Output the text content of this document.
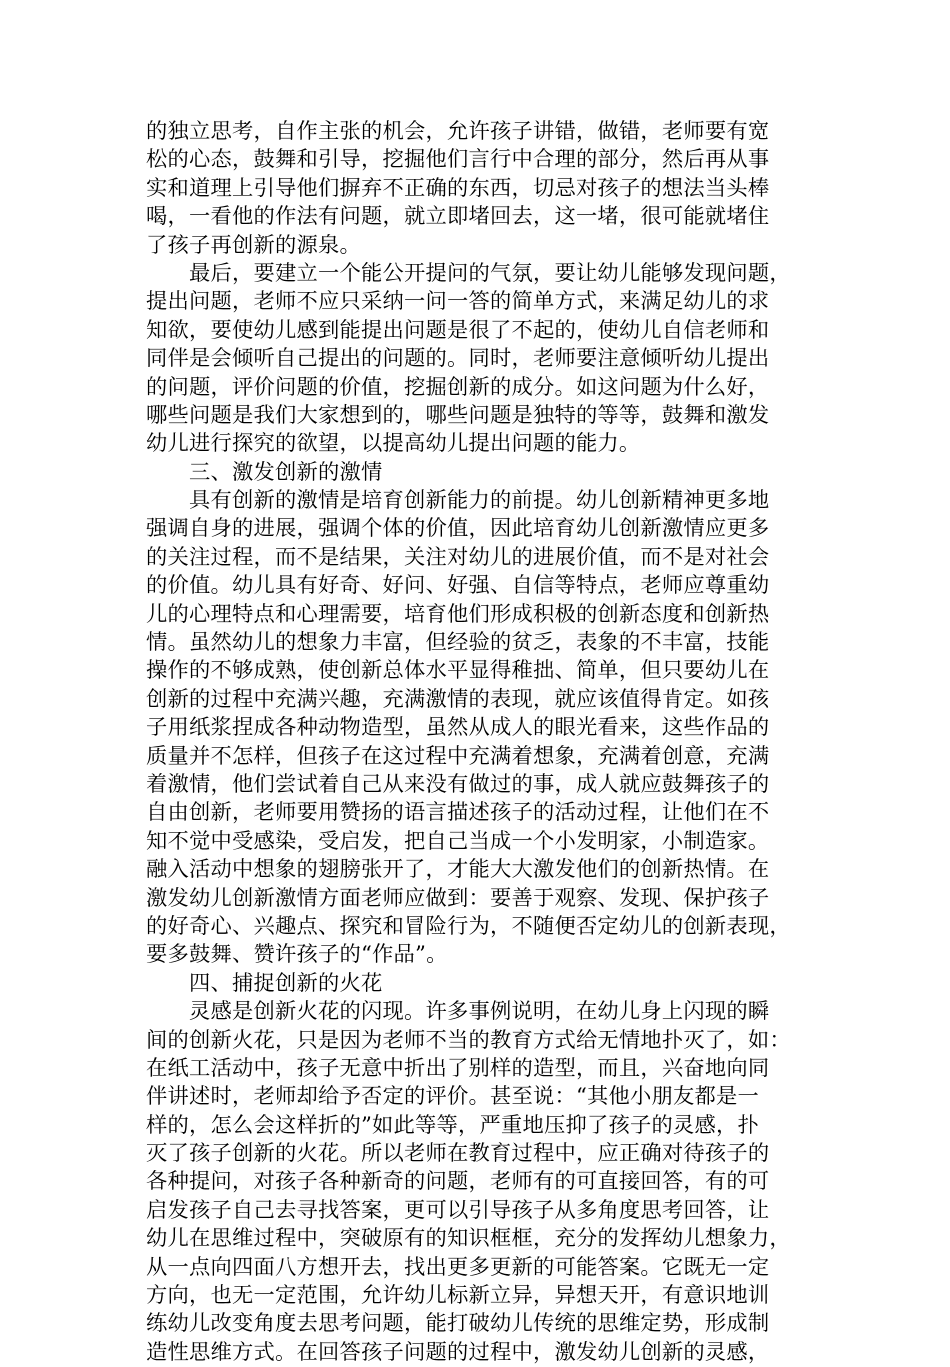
的独立思考，自作主张的机会，允许孩子讲错，做错，老师要有宽
松的心态，鼓舞和引导，挖掘他们言行中合理的部分，然后再从事
实和道理上引导他们摒弃不正确的东西，切忌对孩子的想法当头棒
喝，一看他的作法有问题，就立即堵回去，这一堵，很可能就堵住
了孩子再创新的源泉。
　　最后，要建立一个能公开提问的气氛，要让幼儿能够发现问题，
提出问题，老师不应只采纳一问一答的简单方式，来满足幼儿的求
知欲，要使幼儿感到能提出问题是很了不起的，使幼儿自信老师和
同伴是会倾听自己提出的问题的。同时，老师要注意倾听幼儿提出
的问题，评价问题的价值，挖掘创新的成分。如这问题为什么好，
哪些问题是我们大家想到的，哪些问题是独特的等等，鼓舞和激发
幼儿进行探究的欲望，以提高幼儿提出问题的能力。
　　三、激发创新的激情
　　具有创新的激情是培育创新能力的前提。幼儿创新精神更多地
强调自身的进展，强调个体的价值，因此培育幼儿创新激情应更多
的关注过程，而不是结果，关注对幼儿的进展价值，而不是对社会
的价值。幼儿具有好奇、好问、好强、自信等特点，老师应尊重幼
儿的心理特点和心理需要，培育他们形成积极的创新态度和创新热
情。虽然幼儿的想象力丰富，但经验的贫乏，表象的不丰富，技能
操作的不够成熟，使创新总体水平显得稚拙、简单，但只要幼儿在
创新的过程中充满兴趣，充满激情的表现，就应该值得肯定。如孩
子用纸浆捏成各种动物造型，虽然从成人的眼光看来，这些作品的
质量并不怎样，但孩子在这过程中充满着想象，充满着创意，充满
着激情，他们尝试着自己从来没有做过的事，成人就应鼓舞孩子的
自由创新，老师要用赞扬的语言描述孩子的活动过程，让他们在不
知不觉中受感染，受启发，把自己当成一个小发明家，小制造家。
融入活动中想象的翅膀张开了，才能大大激发他们的创新热情。在
激发幼儿创新激情方面老师应做到：要善于观察、发现、保护孩子
的好奇心、兴趣点、探究和冒险行为，不随便否定幼儿的创新表现，
要多鼓舞、赞许孩子的“作品”。
　　四、捕捉创新的火花
　　灵感是创新火花的闪现。许多事例说明，在幼儿身上闪现的瞬
间的创新火花，只是因为老师不当的教育方式给无情地扑灭了，如：
在纸工活动中，孩子无意中折出了别样的造型，而且，兴奋地向同
伴讲述时，老师却给予否定的评价。甚至说：“其他小朋友都是一
样的，怎么会这样折的”如此等等，严重地压抑了孩子的灵感，扑
灭了孩子创新的火花。所以老师在教育过程中，应正确对待孩子的
各种提问，对孩子各种新奇的问题，老师有的可直接回答，有的可
启发孩子自己去寻找答案，更可以引导孩子从多角度思考回答，让
幼儿在思维过程中，突破原有的知识框框，充分的发挥幼儿想象力，
从一点向四面八方想开去，找出更多更新的可能答案。它既无一定
方向，也无一定范围，允许幼儿标新立异，异想天开，有意识地训
练幼儿改变角度去思考问题，能打破幼儿传统的思维定势，形成制
造性思维方式。在回答孩子问题的过程中，激发幼儿创新的灵感，
